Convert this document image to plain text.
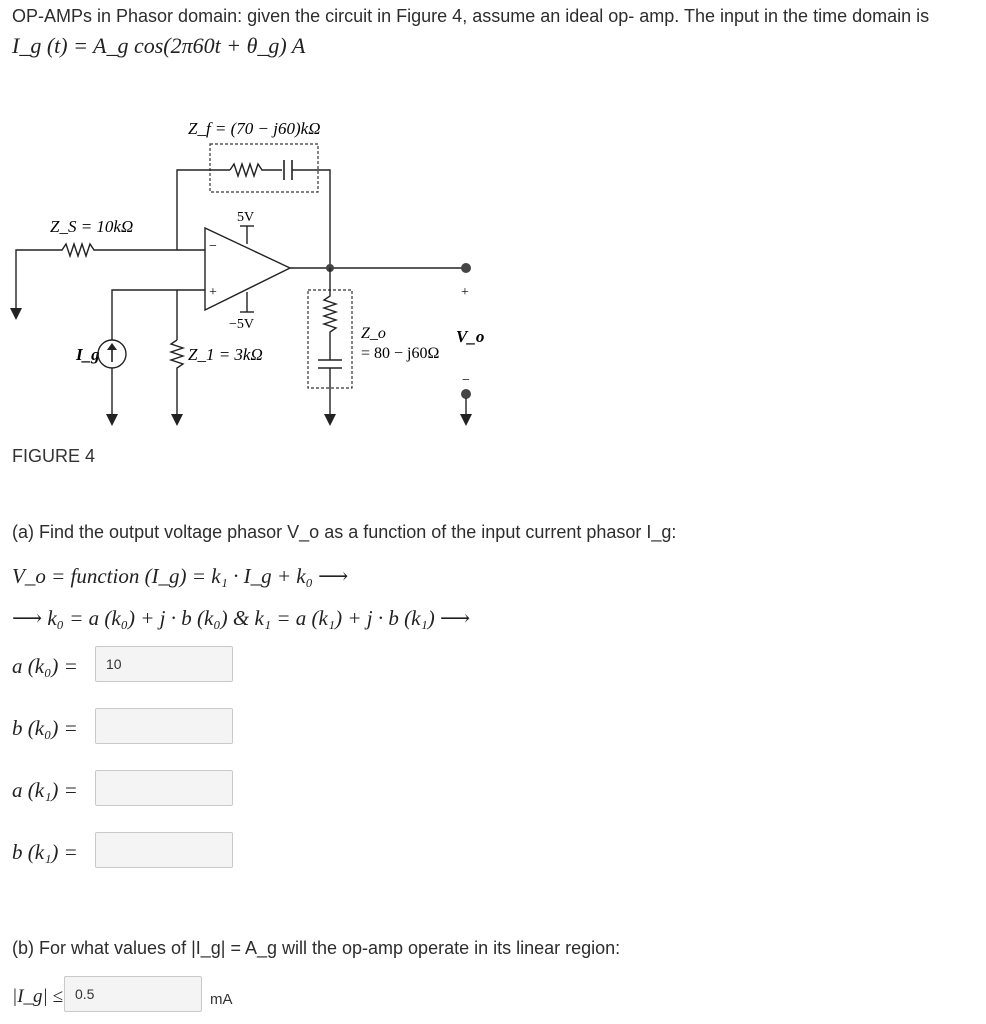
OP-AMPs in Phasor domain: given the circuit in Figure 4, assume an ideal op- amp. The input in the time domain is
I_g (t) = A_g cos(2π60t + θ_g) A
Z_f = (70 − j60)kΩ
Z_S = 10kΩ
−
+
5V
−5V
I_g	Z_1 = 3kΩ
+
Z_o
= 80 − j60Ω
V_o
−
FIGURE 4
(a) Find the output voltage phasor V_o as a function of the input current phasor I_g:
V_o = function (I_g) = k₁ · I_g + k₀ ⟶
⟶ k₀ = a (k₀) + j · b (k₀) & k₁ = a (k₁) + j · b (k₁) ⟶
a (k₀) =
10
b (k₀) =
a (k₁) =
b (k₁) =
(b) For what values of |I_g| = A_g will the op-amp operate in its linear region:
|I_g| ≤
0.5	mA
